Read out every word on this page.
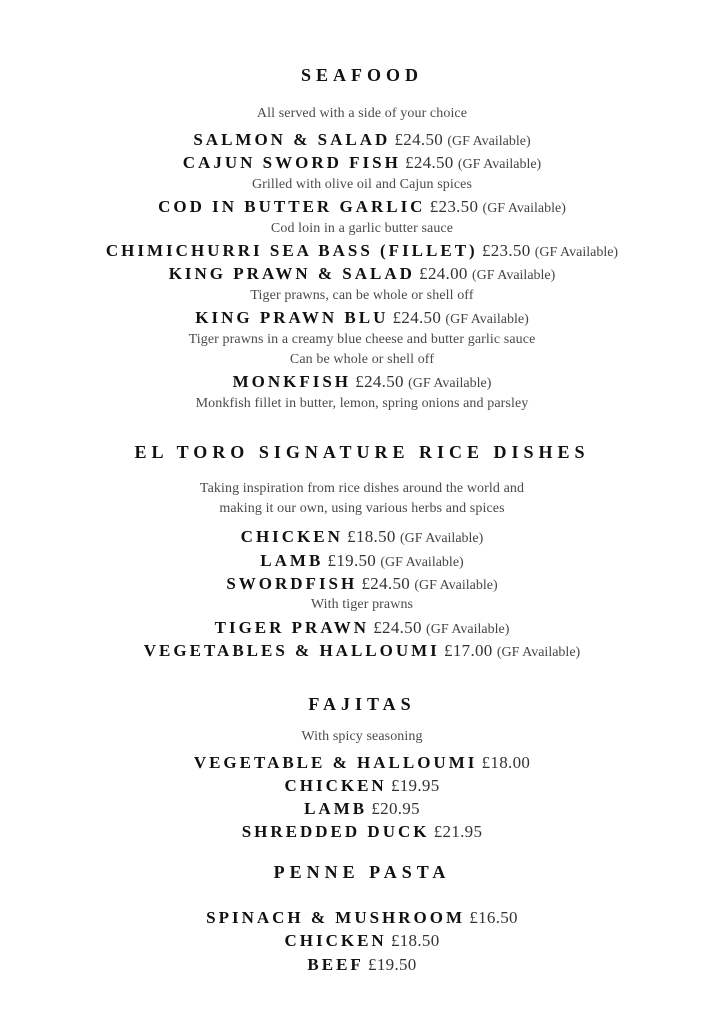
SEAFOOD
All served with a side of your choice
SALMON & SALAD £24.50 (GF Available)
CAJUN SWORD FISH £24.50 (GF Available)
Grilled with olive oil and Cajun spices
COD IN BUTTER GARLIC £23.50 (GF Available)
Cod loin in a garlic butter sauce
CHIMICHURRI SEA BASS (FILLET) £23.50 (GF Available)
KING PRAWN & SALAD £24.00 (GF Available)
Tiger prawns, can be whole or shell off
KING PRAWN BLU £24.50 (GF Available)
Tiger prawns in a creamy blue cheese and butter garlic sauce
Can be whole or shell off
MONKFISH £24.50 (GF Available)
Monkfish fillet in butter, lemon, spring onions and parsley
EL TORO SIGNATURE RICE DISHES
Taking inspiration from rice dishes around the world and
making it our own, using various herbs and spices
CHICKEN £18.50 (GF Available)
LAMB £19.50 (GF Available)
SWORDFISH £24.50 (GF Available)
With tiger prawns
TIGER PRAWN £24.50 (GF Available)
VEGETABLES & HALLOUMI £17.00 (GF Available)
FAJITAS
With spicy seasoning
VEGETABLE & HALLOUMI £18.00
CHICKEN £19.95
LAMB £20.95
SHREDDED DUCK £21.95
PENNE PASTA
SPINACH & MUSHROOM £16.50
CHICKEN £18.50
BEEF £19.50
